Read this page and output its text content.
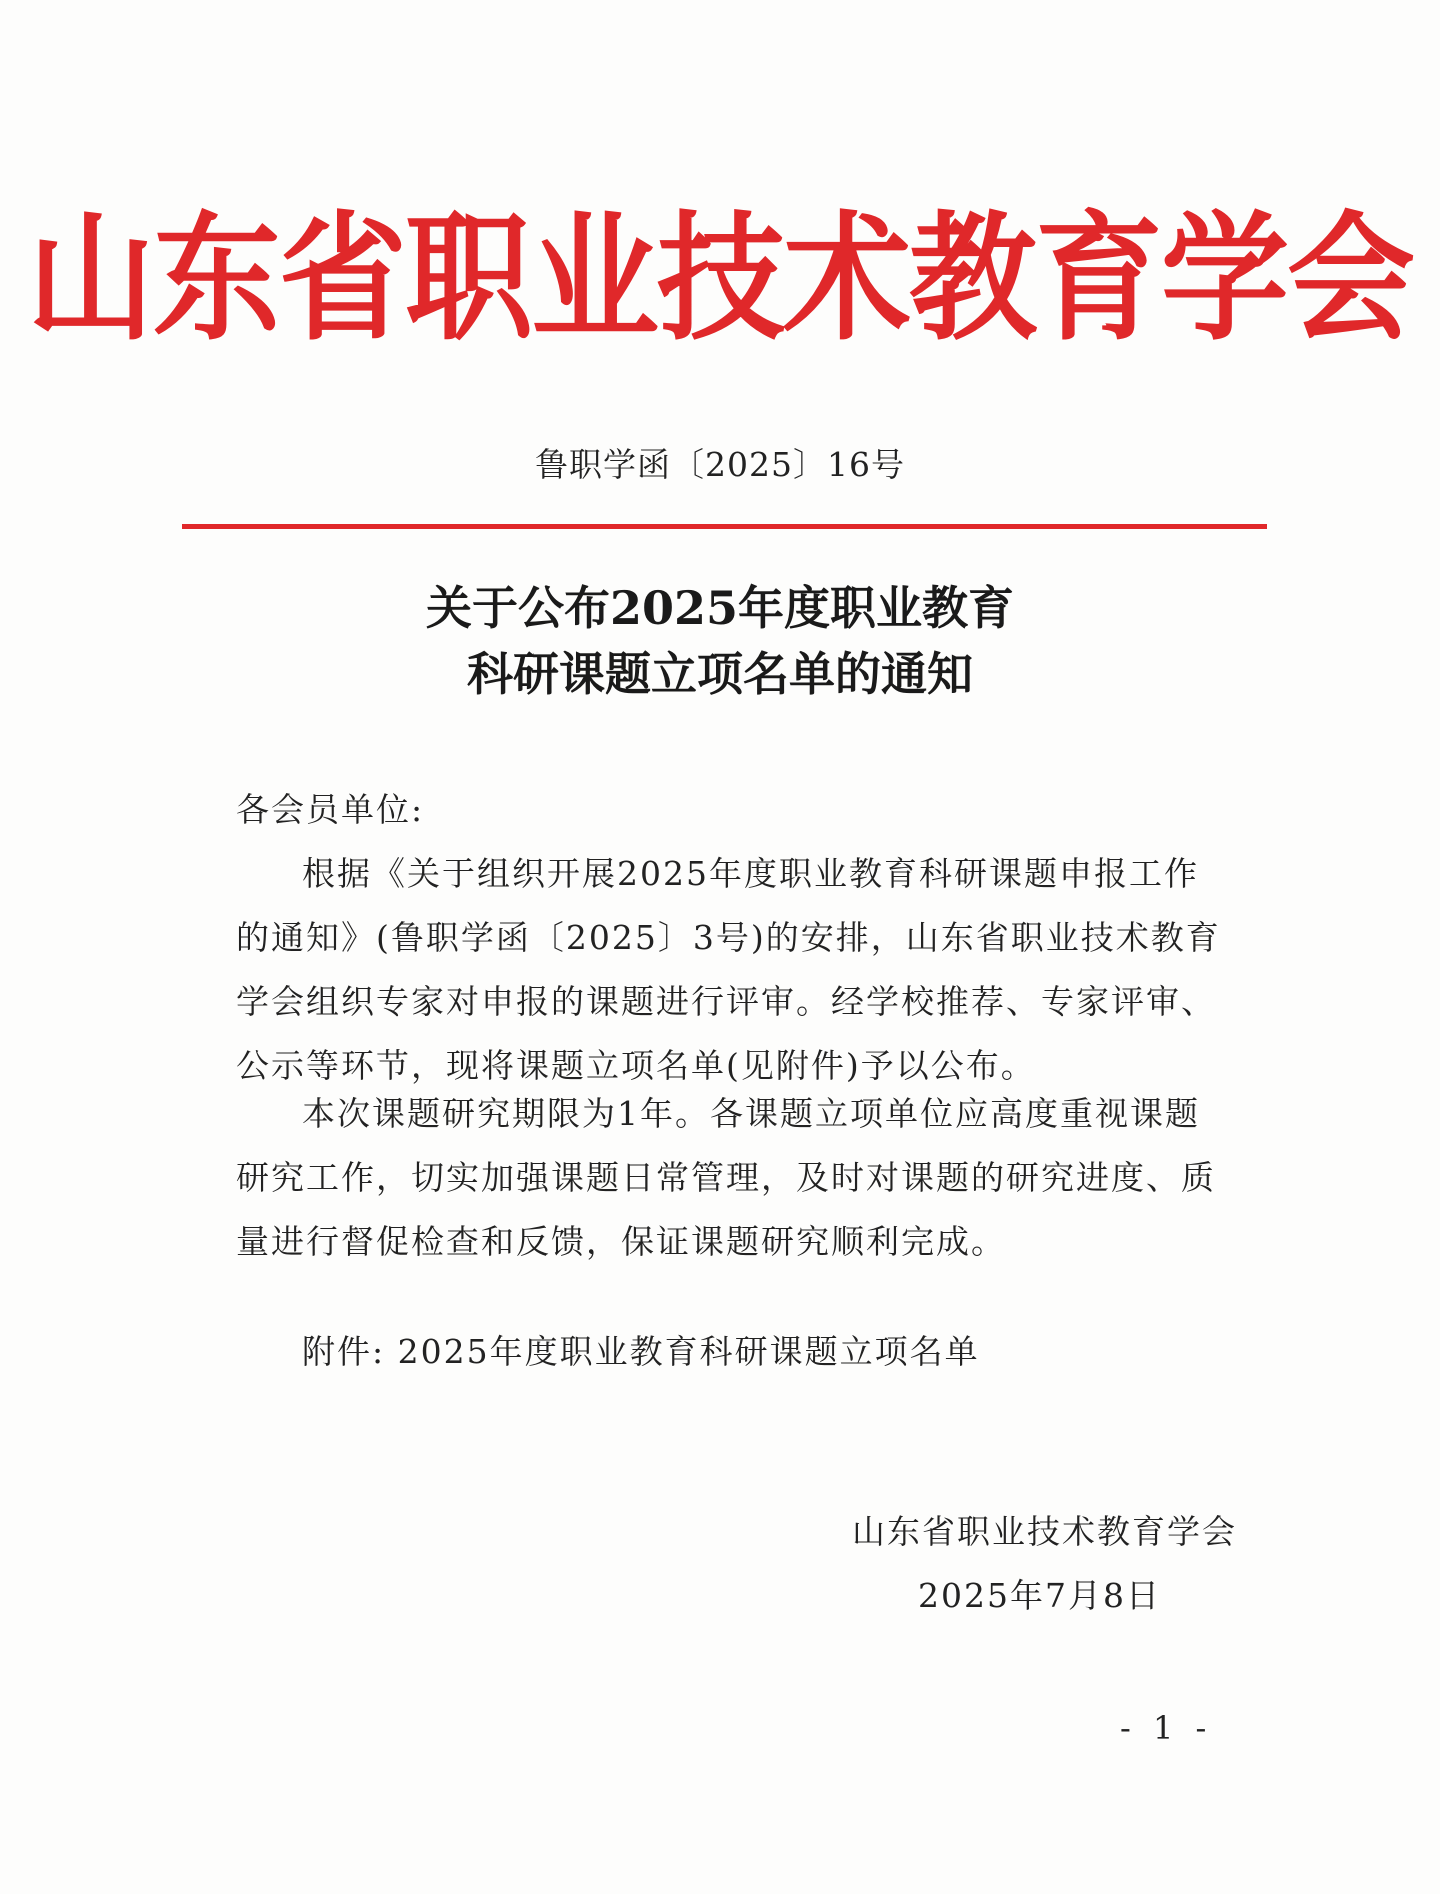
山东省职业技术教育学会
鲁职学函〔2025〕16号
关于公布2025年度职业教育
科研课题立项名单的通知
各会员单位:
根据《关于组织开展2025年度职业教育科研课题申报工作的通知》(鲁职学函〔2025〕3号)的安排，山东省职业技术教育学会组织专家对申报的课题进行评审。经学校推荐、专家评审、公示等环节，现将课题立项名单(见附件)予以公布。
本次课题研究期限为1年。各课题立项单位应高度重视课题研究工作，切实加强课题日常管理，及时对课题的研究进度、质量进行督促检查和反馈，保证课题研究顺利完成。
附件: 2025年度职业教育科研课题立项名单
山东省职业技术教育学会
2025年7月8日
- 1 -
